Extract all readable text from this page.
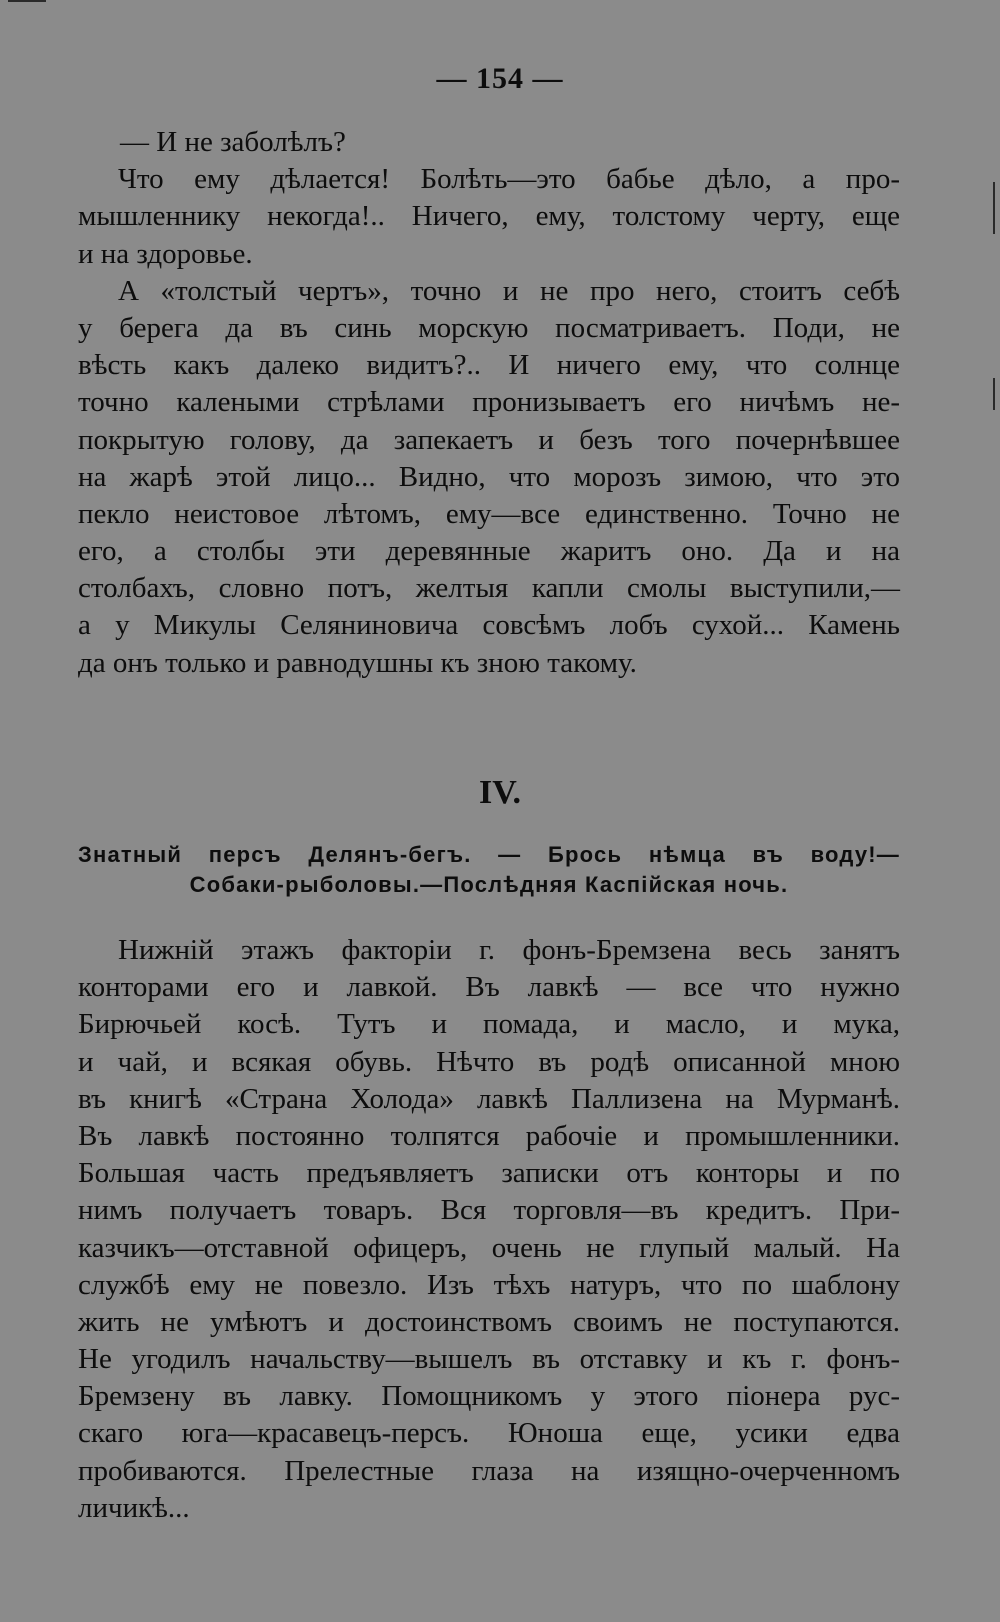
— 154 —
— И не заболѣлъ?
Что ему дѣлается! Болѣть—это бабье дѣло, а про-
мышленнику некогда!.. Ничего, ему, толстому черту, еще
и на здоровье.
А «толстый чертъ», точно и не про него, стоитъ себѣ
у берега да въ синь морскую посматриваетъ. Поди, не
вѣсть какъ далеко видитъ?.. И ничего ему, что солнце
точно калеными стрѣлами пронизываетъ его ничѣмъ не-
покрытую голову, да запекаетъ и безъ того почернѣвшее
на жарѣ этой лицо... Видно, что морозъ зимою, что это
пекло неистовое лѣтомъ, ему—все единственно. Точно не
его, а столбы эти деревянные жаритъ оно. Да и на
столбахъ, словно потъ, желтыя капли смолы выступили,—
а у Микулы Селяниновича совсѣмъ лобъ сухой... Камень
да онъ только и равнодушны къ зною такому.
IV.
Знатный персъ Делянъ-бегъ. — Брось нѣмца въ воду!—
Собаки-рыболовы.—Послѣдняя Каспійская ночь.
Нижній этажъ факторіи г. фонъ-Бремзена весь занятъ
конторами его и лавкой. Въ лавкѣ — все что нужно
Бирючьей косѣ. Тутъ и помада, и масло, и мука,
и чай, и всякая обувь. Нѣчто въ родѣ описанной мною
въ книгѣ «Страна Холода» лавкѣ Паллизена на Мурманѣ.
Въ лавкѣ постоянно толпятся рабочіе и промышленники.
Большая часть предъявляетъ записки отъ конторы и по
нимъ получаетъ товаръ. Вся торговля—въ кредитъ. При-
казчикъ—отставной офицеръ, очень не глупый малый. На
службѣ ему не повезло. Изъ тѣхъ натуръ, что по шаблону
жить не умѣютъ и достоинствомъ своимъ не поступаются.
Не угодилъ начальству—вышелъ въ отставку и къ г. фонъ-
Бремзену въ лавку. Помощникомъ у этого піонера рус-
скаго юга—красавецъ-персъ. Юноша еще, усики едва
пробиваются. Прелестные глаза на изящно-очерченномъ
личикѣ...
